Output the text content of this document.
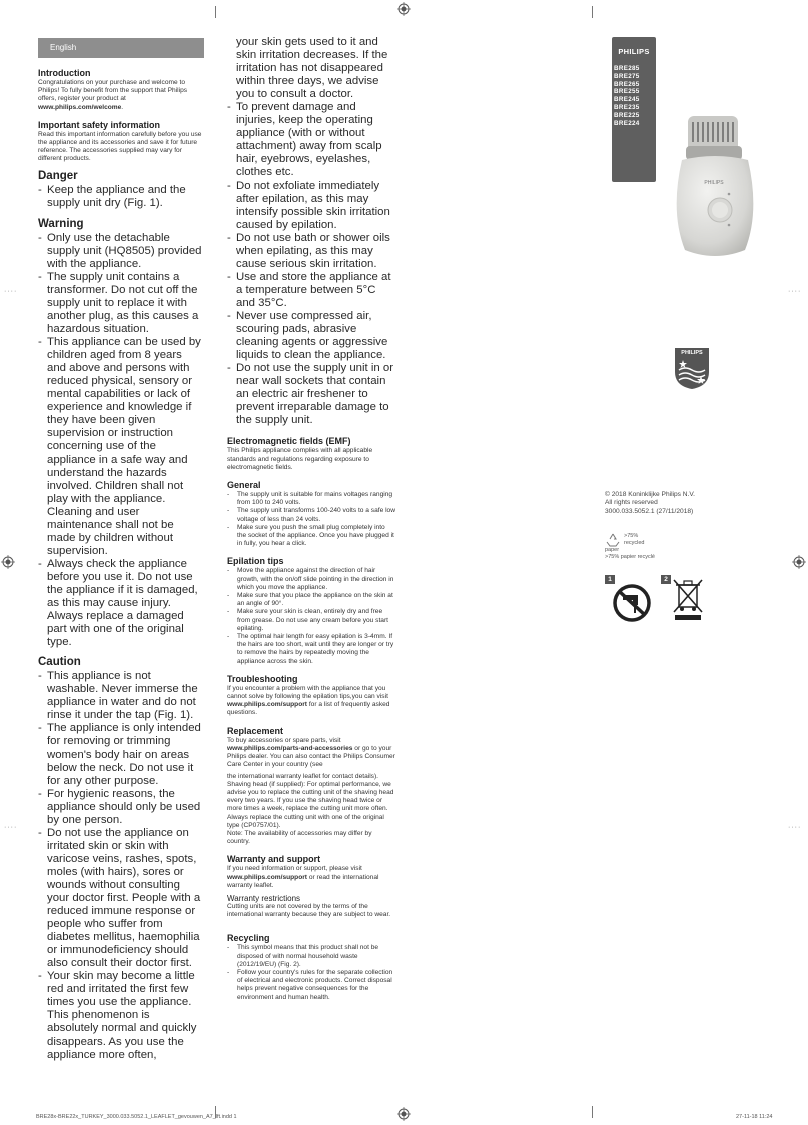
····
····
····
····
English
Introduction
Congratulations on your purchase and welcome to Philips! To fully benefit from the support that Philips offers, register your product at www.philips.com/welcome.
Important safety information
Read this important information carefully before you use the appliance and its accessories and save it for future reference. The accessories supplied may vary for different products.
Danger
- Keep the appliance and the supply unit dry (Fig. 1).
Warning
- Only use the detachable supply unit (HQ8505) provided with the appliance.
- The supply unit contains a transformer. Do not cut off the supply unit to replace it with another plug, as this causes a hazardous situation.
- This appliance can be used by children aged from 8 years and above and persons with reduced physical, sensory or mental capabilities or lack of experience and knowledge if they have been given supervision or instruction concerning use of the appliance in a safe way and understand the hazards involved. Children shall not play with the appliance. Cleaning and user maintenance shall not be made by children without supervision.
- Always check the appliance before you use it. Do not use the appliance if it is damaged, as this may cause injury. Always replace a damaged part with one of the original type.
Caution
- This appliance is not washable. Never immerse the appliance in water and do not rinse it under the tap (Fig. 1).
- The appliance is only intended for removing or trimming women's body hair on areas below the neck. Do not use it for any other purpose.
- For hygienic reasons, the appliance should only be used by one person.
- Do not use the appliance on irritated skin or skin with varicose veins, rashes, spots, moles (with hairs), sores or wounds without consulting your doctor first. People with a reduced immune response or people who suffer from diabetes mellitus, haemophilia or immunodeficiency should also consult their doctor first.
- Your skin may become a little red and irritated the first few times you use the appliance. This phenomenon is absolutely normal and quickly disappears. As you use the appliance more often,
your skin gets used to it and skin irritation decreases. If the irritation has not disappeared within three days, we advise you to consult a doctor.
- To prevent damage and injuries, keep the operating appliance (with or without attachment) away from scalp hair, eyebrows, eyelashes, clothes etc.
- Do not exfoliate immediately after epilation, as this may intensify possible skin irritation caused by epilation.
- Do not use bath or shower oils when epilating, as this may cause serious skin irritation.
- Use and store the appliance at a temperature between 5°C and 35°C.
- Never use compressed air, scouring pads, abrasive cleaning agents or aggressive liquids to clean the appliance.
- Do not use the supply unit in or near wall sockets that contain an electric air freshener to prevent irreparable damage to the supply unit.
Electromagnetic fields (EMF)
This Philips appliance complies with all applicable standards and regulations regarding exposure to electromagnetic fields.
General
- The supply unit is suitable for mains voltages ranging from 100 to 240 volts.
- The supply unit transforms 100-240 volts to a safe low voltage of less than 24 volts.
- Make sure you push the small plug completely into the socket of the appliance. Once you have plugged it in fully, you hear a click.
Epilation tips
- Move the appliance against the direction of hair growth, with the on/off slide pointing in the direction in which you move the appliance.
- Make sure that you place the appliance on the skin at an angle of 90°.
- Make sure your skin is clean, entirely dry and free from grease. Do not use any cream before you start epilating.
- The optimal hair length for easy epilation is 3-4mm. If the hairs are too short, wait until they are longer or try to remove the hairs by repeatedly moving the appliance across the skin.
Troubleshooting
If you encounter a problem with the appliance that you cannot solve by following the epilation tips,you can visit www.philips.com/support for a list of frequently asked questions.
Replacement
To buy accessories or spare parts, visit www.philips.com/parts-and-accessories or go to your Philips dealer. You can also contact the Philips Consumer Care Center in your country (see
the international warranty leaflet for contact details).
Shaving head (if supplied): For optimal performance, we advise you to replace the cutting unit of the shaving head every two years. If you use the shaving head twice or more times a week, replace the cutting unit more often. Always replace the cutting unit with one of the original type (CP0757/01).
Note: The availability of accessories may differ by country.
Warranty and support
If you need information or support, please visit www.philips.com/support or read the international warranty leaflet.
Warranty restrictions
Cutting units are not covered by the terms of the international warranty because they are subject to wear.
Recycling
- This symbol means that this product shall not be disposed of with normal household waste (2012/19/EU) (Fig. 2).
- Follow your country's rules for the separate collection of electrical and electronic products. Correct disposal helps prevent negative consequences for the environment and human health.
PHILIPS
BRE285
BRE275
BRE265
BRE255
BRE245
BRE235
BRE225
BRE224
PHILIPS
PHILIPS
© 2018 Koninklijke Philips N.V.
All rights reserved
3000.033.5052.1 (27/11/2018)
>75% recycled paper
>75% papier recyclé
1	2
BRE28x-BRE22x_TURKEY_3000.033.5052.1_LEAFLET_gevouwen_A7_lft.indd 1	27-11-18 11:24
